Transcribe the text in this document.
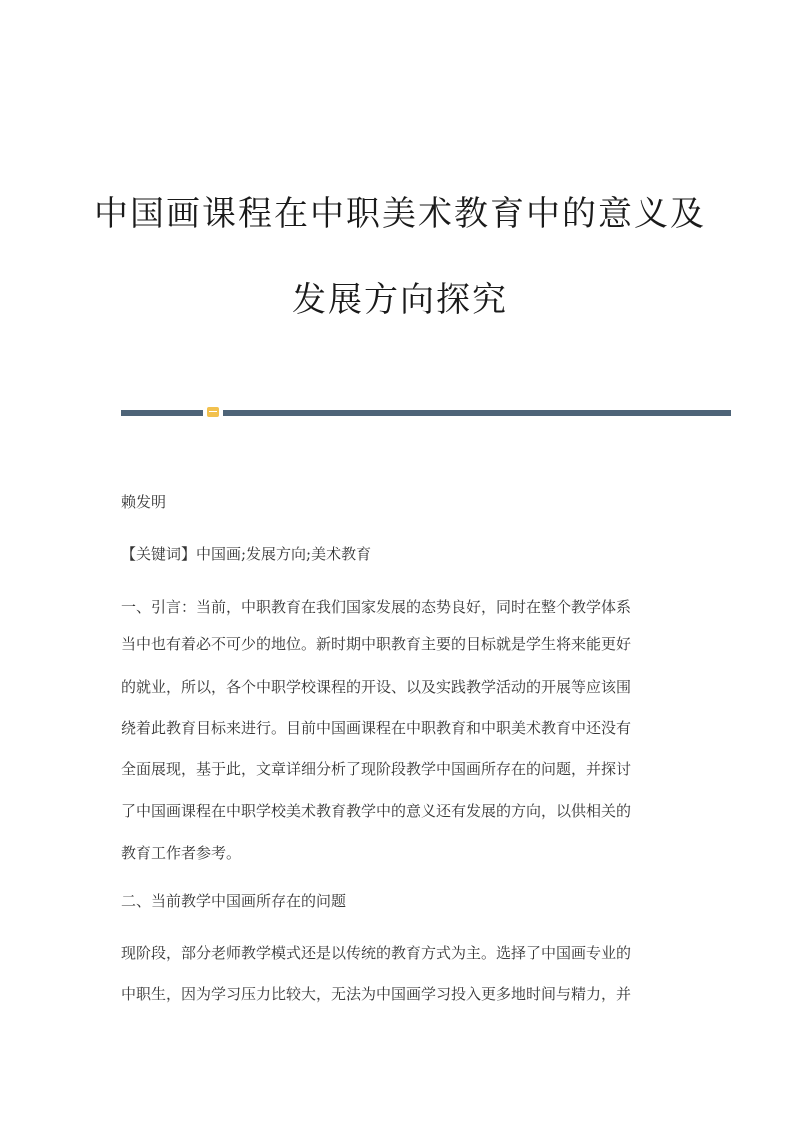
中国画课程在中职美术教育中的意义及
发展方向探究
赖发明
【关键词】中国画;发展方向;美术教育
一、引言：当前，中职教育在我们国家发展的态势良好，同时在整个教学体系
当中也有着必不可少的地位。新时期中职教育主要的目标就是学生将来能更好
的就业，所以，各个中职学校课程的开设、以及实践教学活动的开展等应该围
绕着此教育目标来进行。目前中国画课程在中职教育和中职美术教育中还没有
全面展现，基于此，文章详细分析了现阶段教学中国画所存在的问题，并探讨
了中国画课程在中职学校美术教育教学中的意义还有发展的方向，以供相关的
教育工作者参考。
二、当前教学中国画所存在的问题
现阶段，部分老师教学模式还是以传统的教育方式为主。选择了中国画专业的
中职生，因为学习压力比较大，无法为中国画学习投入更多地时间与精力，并
